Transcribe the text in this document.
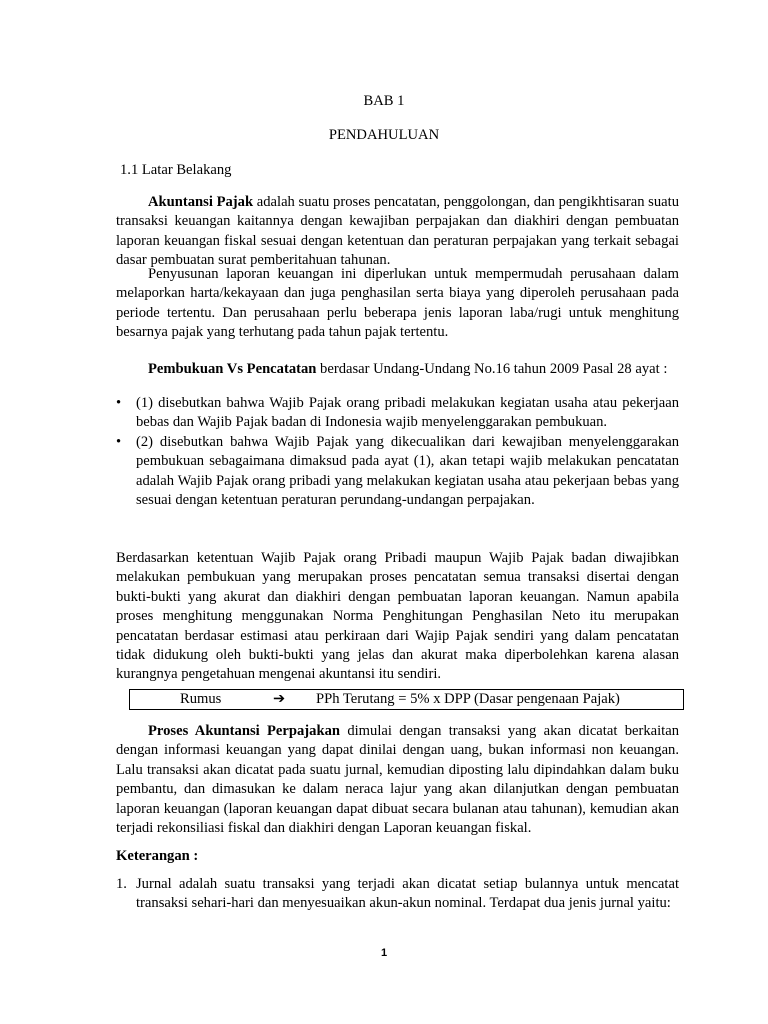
BAB 1
PENDAHULUAN
1.1 Latar Belakang

Akuntansi Pajak adalah suatu proses pencatatan, penggolongan, dan pengikhtisaran suatu transaksi keuangan kaitannya dengan kewajiban perpajakan dan diakhiri dengan pembuatan laporan keuangan fiskal sesuai dengan ketentuan dan peraturan perpajakan yang terkait sebagai dasar pembuatan surat pemberitahuan tahunan.

Penyusunan laporan keuangan ini diperlukan untuk mempermudah perusahaan dalam melaporkan harta/kekayaan dan juga penghasilan serta biaya yang diperoleh perusahaan pada periode tertentu. Dan perusahaan perlu beberapa jenis laporan laba/rugi untuk menghitung besarnya pajak yang terhutang pada tahun pajak tertentu.

Pembukuan Vs Pencatatan berdasar Undang-Undang No.16 tahun 2009 Pasal 28 ayat :

• (1) disebutkan bahwa Wajib Pajak orang pribadi melakukan kegiatan usaha atau pekerjaan bebas dan Wajib Pajak badan di Indonesia wajib menyelenggarakan pembukuan.
• (2) disebutkan bahwa Wajib Pajak yang dikecualikan dari kewajiban menyelenggarakan pembukuan sebagaimana dimaksud pada ayat (1), akan tetapi wajib melakukan pencatatan adalah Wajib Pajak orang pribadi yang melakukan kegiatan usaha atau pekerjaan bebas yang sesuai dengan ketentuan peraturan perundang-undangan perpajakan.

Berdasarkan ketentuan Wajib Pajak orang Pribadi maupun Wajib Pajak badan diwajibkan melakukan pembukuan yang merupakan proses pencatatan semua transaksi disertai dengan bukti-bukti yang akurat dan diakhiri dengan pembuatan laporan keuangan. Namun apabila proses menghitung menggunakan Norma Penghitungan Penghasilan Neto itu merupakan pencatatan berdasar estimasi atau perkiraan dari Wajip Pajak sendiri yang dalam pencatatan tidak didukung oleh bukti-bukti yang jelas dan akurat maka diperbolehkan karena alasan kurangnya pengetahuan mengenai akuntansi itu sendiri.

Rumus	➔ PPh Terutang = 5% x DPP (Dasar pengenaan Pajak)

Proses Akuntansi Perpajakan dimulai dengan transaksi yang akan dicatat berkaitan dengan informasi keuangan yang dapat dinilai dengan uang, bukan informasi non keuangan. Lalu transaksi akan dicatat pada suatu jurnal, kemudian diposting lalu dipindahkan dalam buku pembantu, dan dimasukan ke dalam neraca lajur yang akan dilanjutkan dengan pembuatan laporan keuangan (laporan keuangan dapat dibuat secara bulanan atau tahunan), kemudian akan terjadi rekonsiliasi fiskal dan diakhiri dengan Laporan keuangan fiskal.

Keterangan :

1. Jurnal adalah suatu transaksi yang terjadi akan dicatat setiap bulannya untuk mencatat transaksi sehari-hari dan menyesuaikan akun-akun nominal. Terdapat dua jenis jurnal yaitu:
1
